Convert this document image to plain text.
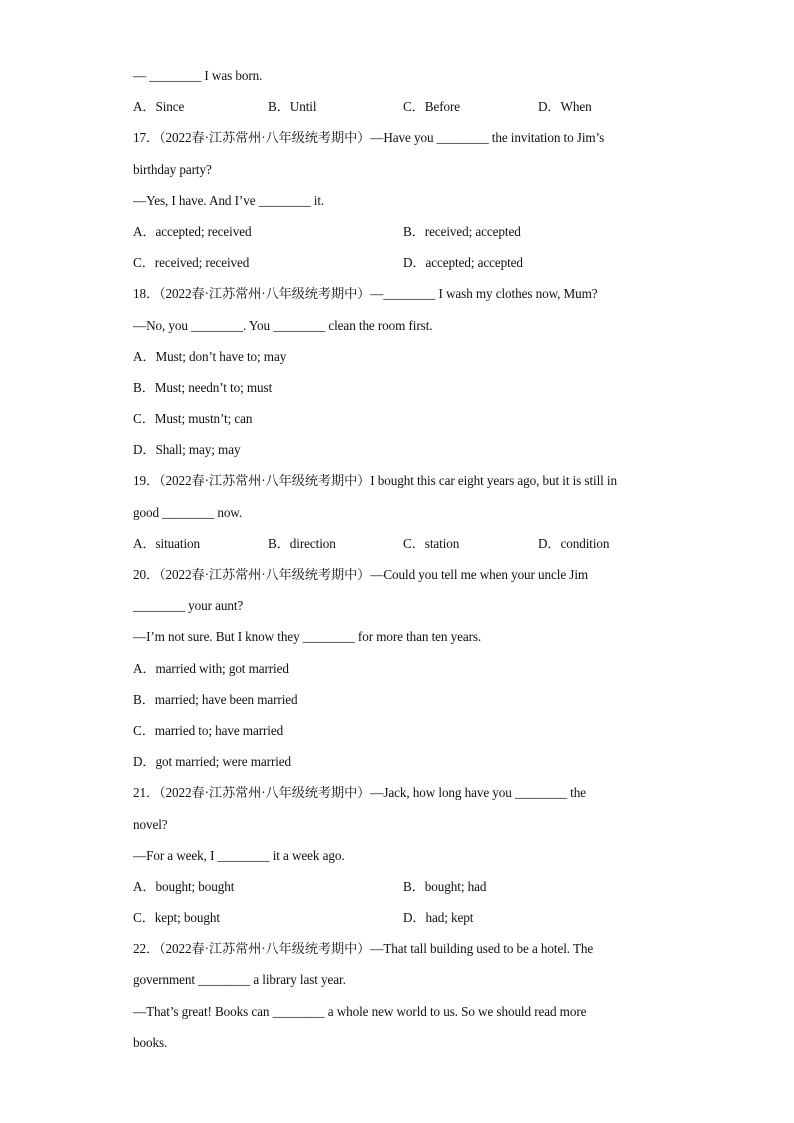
— ________ I was born.
A．Since	B．Until	C．Before	D．When
17．（2022春·江苏常州·八年级统考期中）—Have you ________ the invitation to Jim’s
birthday party?
—Yes, I have. And I’ve ________ it.
A．accepted; received	B．received; accepted
C．received; received	D．accepted; accepted
18．（2022春·江苏常州·八年级统考期中）—________ I wash my clothes now, Mum?
—No, you ________. You ________ clean the room first.
A．Must; don’t have to; may
B．Must; needn’t to; must
C．Must; mustn’t; can
D．Shall; may; may
19．（2022春·江苏常州·八年级统考期中）I bought this car eight years ago, but it is still in
good ________ now.
A．situation	B．direction	C．station	D．condition
20．（2022春·江苏常州·八年级统考期中）—Could you tell me when your uncle Jim
________ your aunt?
—I’m not sure. But I know they ________ for more than ten years.
A．married with; got married
B．married; have been married
C．married to; have married
D．got married; were married
21．（2022春·江苏常州·八年级统考期中）—Jack, how long have you ________ the
novel?
—For a week, I ________ it a week ago.
A．bought; bought	B．bought; had
C．kept; bought	D．had; kept
22．（2022春·江苏常州·八年级统考期中）—That tall building used to be a hotel. The
government ________ a library last year.
—That’s great! Books can ________ a whole new world to us. So we should read more
books.
